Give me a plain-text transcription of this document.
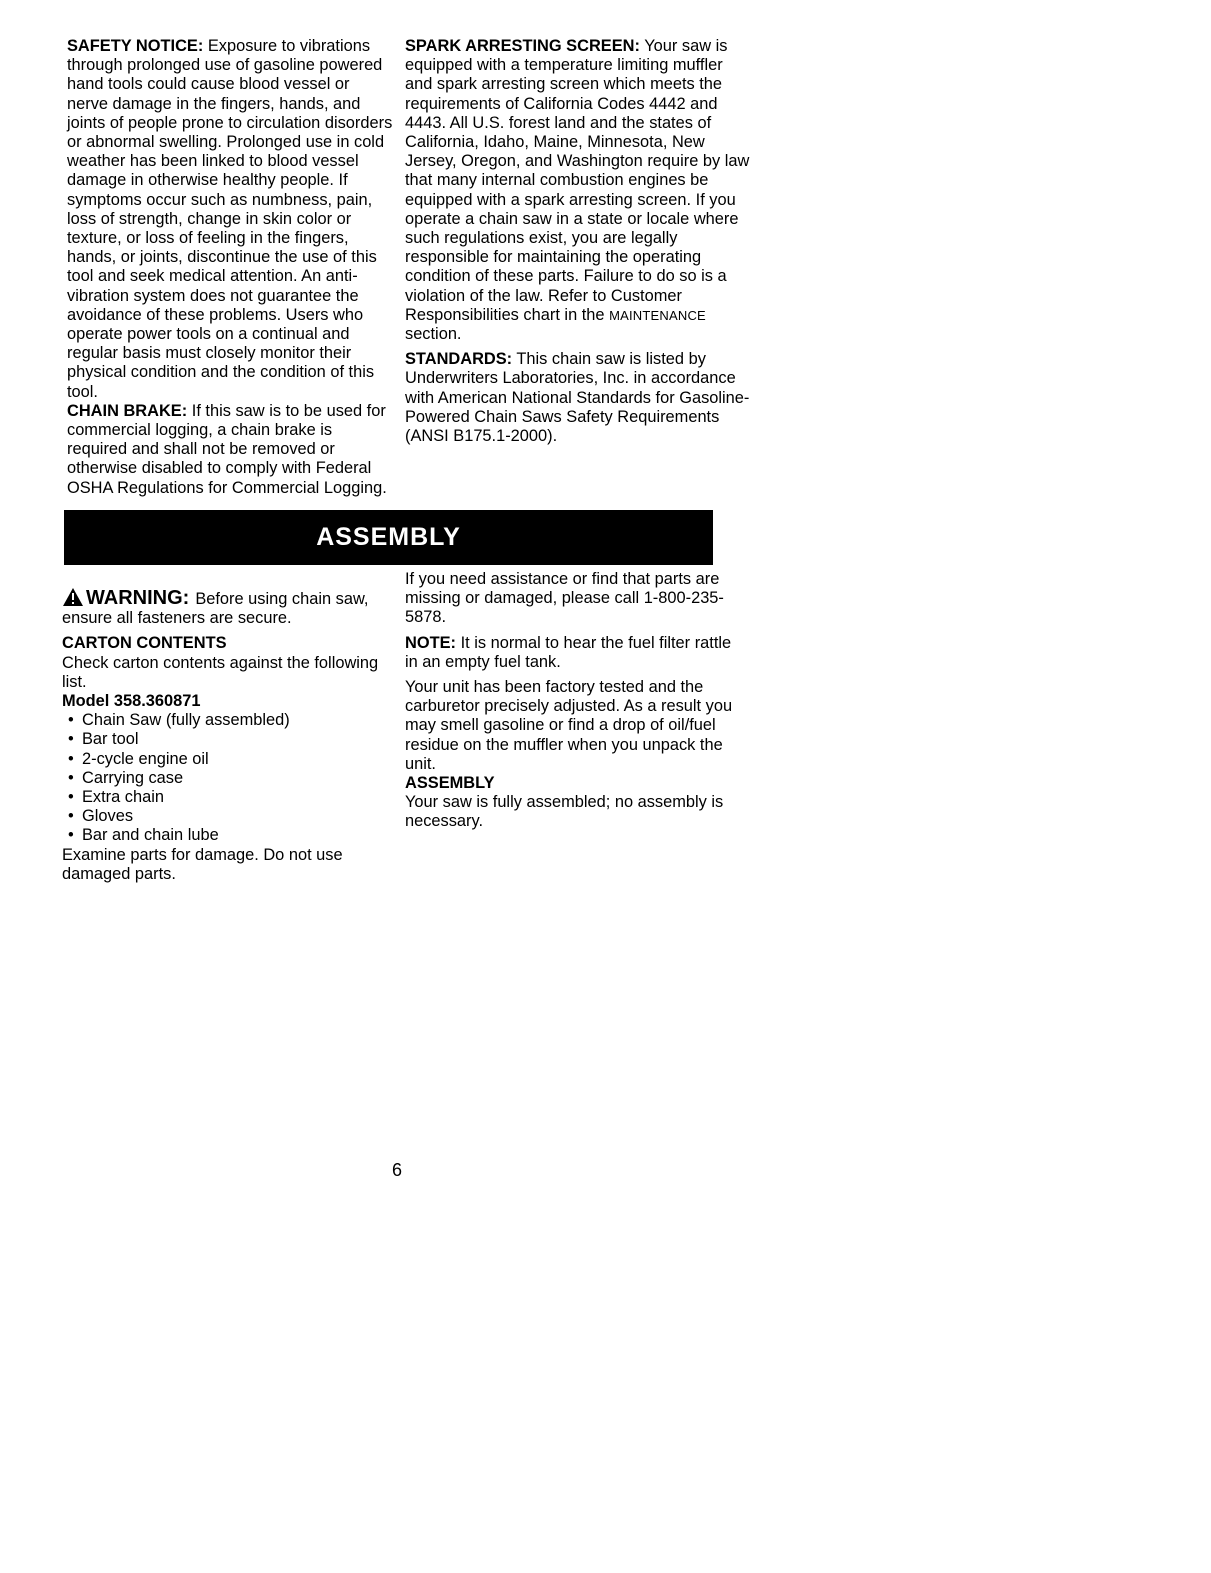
SAFETY NOTICE: Exposure to vibrations through prolonged use of gasoline powered hand tools could cause blood vessel or nerve damage in the fingers, hands, and joints of people prone to circulation disorders or abnormal swelling. Prolonged use in cold weather has been linked to blood vessel damage in otherwise healthy people. If symptoms occur such as numbness, pain, loss of strength, change in skin color or texture, or loss of feeling in the fingers, hands, or joints, discontinue the use of this tool and seek medical attention. An anti-vibration system does not guarantee the avoidance of these problems. Users who operate power tools on a continual and regular basis must closely monitor their physical condition and the condition of this tool.

CHAIN BRAKE: If this saw is to be used for commercial logging, a chain brake is required and shall not be removed or otherwise disabled to comply with Federal OSHA Regulations for Commercial Logging.

SPARK ARRESTING SCREEN: Your saw is equipped with a temperature limiting muffler and spark arresting screen which meets the requirements of California Codes 4442 and 4443. All U.S. forest land and the states of California, Idaho, Maine, Minnesota, New Jersey, Oregon, and Washington require by law that many internal combustion engines be equipped with a spark arresting screen. If you operate a chain saw in a state or locale where such regulations exist, you are legally responsible for maintaining the operating condition of these parts. Failure to do so is a violation of the law. Refer to Customer Responsibilities chart in the MAINTENANCE section.

STANDARDS: This chain saw is listed by Underwriters Laboratories, Inc. in accordance with American National Standards for Gasoline-Powered Chain Saws Safety Requirements (ANSI B175.1-2000).

ASSEMBLY

WARNING: Before using chain saw, ensure all fasteners are secure.

CARTON CONTENTS

Check carton contents against the following list.

Model 358.360871

• Chain Saw (fully assembled)
• Bar tool
• 2-cycle engine oil
• Carrying case
• Extra chain
• Gloves
• Bar and chain lube

Examine parts for damage. Do not use damaged parts.

If you need assistance or find that parts are missing or damaged, please call 1-800-235-5878.

NOTE: It is normal to hear the fuel filter rattle in an empty fuel tank.

Your unit has been factory tested and the carburetor precisely adjusted. As a result you may smell gasoline or find a drop of oil/fuel residue on the muffler when you unpack the unit.

ASSEMBLY

Your saw is fully assembled; no assembly is necessary.

6
